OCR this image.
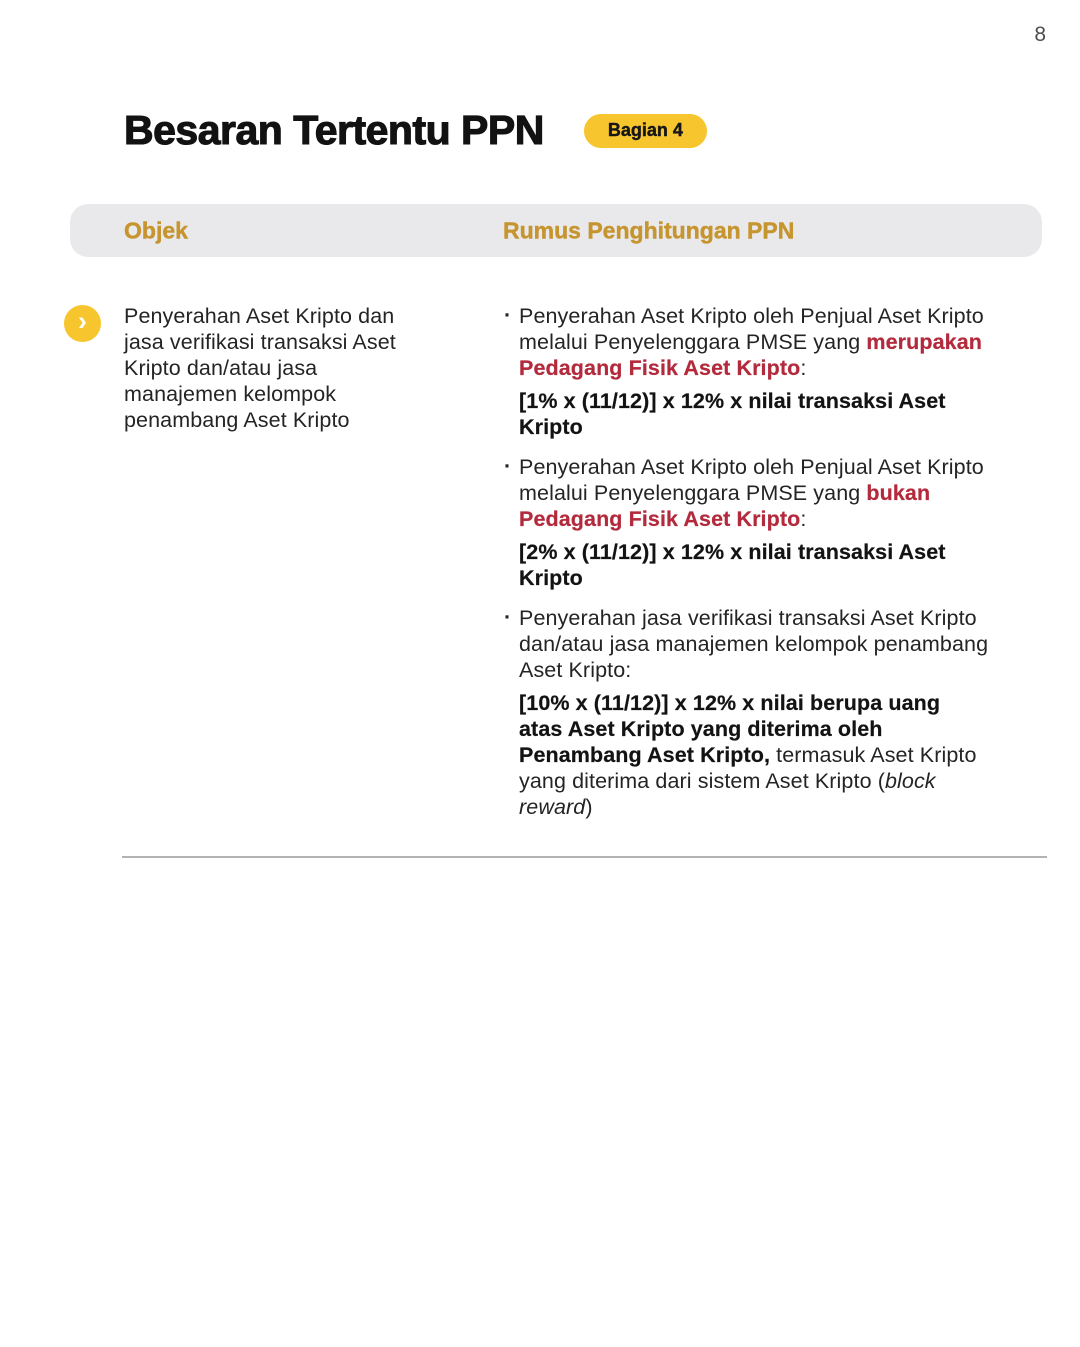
8
Besaran Tertentu PPN	Bagian 4
Objek	Rumus Penghitungan PPN
›	Penyerahan Aset Kripto dan jasa verifikasi transaksi Aset Kripto dan/atau jasa manajemen kelompok penambang Aset Kripto
· Penyerahan Aset Kripto oleh Penjual Aset Kripto melalui Penyelenggara PMSE yang merupakan Pedagang Fisik Aset Kripto:
[1% x (11/12)] x 12% x nilai transaksi Aset Kripto
· Penyerahan Aset Kripto oleh Penjual Aset Kripto melalui Penyelenggara PMSE yang bukan Pedagang Fisik Aset Kripto:
[2% x (11/12)] x 12% x nilai transaksi Aset Kripto
· Penyerahan jasa verifikasi transaksi Aset Kripto dan/atau jasa manajemen kelompok penambang Aset Kripto:
[10% x (11/12)] x 12% x nilai berupa uang atas Aset Kripto yang diterima oleh Penambang Aset Kripto, termasuk Aset Kripto yang diterima dari sistem Aset Kripto (block reward)
